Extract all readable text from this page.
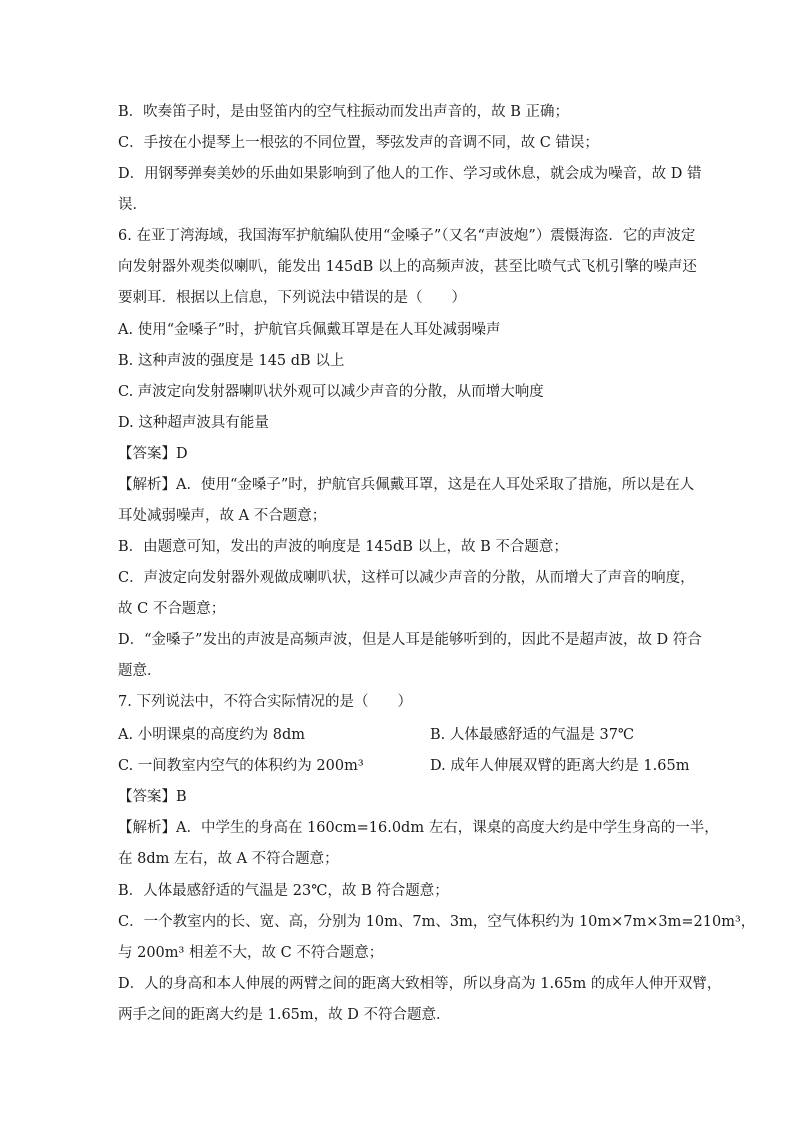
B．吹奏笛子时，是由竖笛内的空气柱振动而发出声音的，故 B 正确；
C．手按在小提琴上一根弦的不同位置，琴弦发声的音调不同，故 C 错误；
D．用钢琴弹奏美妙的乐曲如果影响到了他人的工作、学习或休息，就会成为噪音，故 D 错
误．
6. 在亚丁湾海域，我国海军护航编队使用“金嗓子”（又名“声波炮”）震慑海盗．它的声波定
向发射器外观类似喇叭，能发出 145dB 以上的高频声波，甚至比喷气式飞机引擎的噪声还
要刺耳．根据以上信息，下列说法中错误的是（　　）
A. 使用“金嗓子”时，护航官兵佩戴耳罩是在人耳处减弱噪声
B. 这种声波的强度是 145 dB 以上
C. 声波定向发射器喇叭状外观可以减少声音的分散，从而增大响度
D. 这种超声波具有能量
【答案】D
【解析】A．使用“金嗓子”时，护航官兵佩戴耳罩，这是在人耳处采取了措施，所以是在人
耳处减弱噪声，故 A 不合题意；
B．由题意可知，发出的声波的响度是 145dB 以上，故 B 不合题意；
C．声波定向发射器外观做成喇叭状，这样可以减少声音的分散，从而增大了声音的响度，
故 C 不合题意；
D．“金嗓子”发出的声波是高频声波，但是人耳是能够听到的，因此不是超声波，故 D 符合
题意．
7. 下列说法中，不符合实际情况的是（　　）
A. 小明课桌的高度约为 8dm	B. 人体最感舒适的气温是 37℃
C. 一间教室内空气的体积约为 200m³	D. 成年人伸展双臂的距离大约是 1.65m
【答案】B
【解析】A．中学生的身高在 160cm=16.0dm 左右，课桌的高度大约是中学生身高的一半，
在 8dm 左右，故 A 不符合题意；
B．人体最感舒适的气温是 23℃，故 B 符合题意；
C．一个教室内的长、宽、高，分别为 10m、7m、3m，空气体积约为 10m×7m×3m=210m³，
与 200m³ 相差不大，故 C 不符合题意；
D．人的身高和本人伸展的两臂之间的距离大致相等，所以身高为 1.65m 的成年人伸开双臂，
两手之间的距离大约是 1.65m，故 D 不符合题意．
